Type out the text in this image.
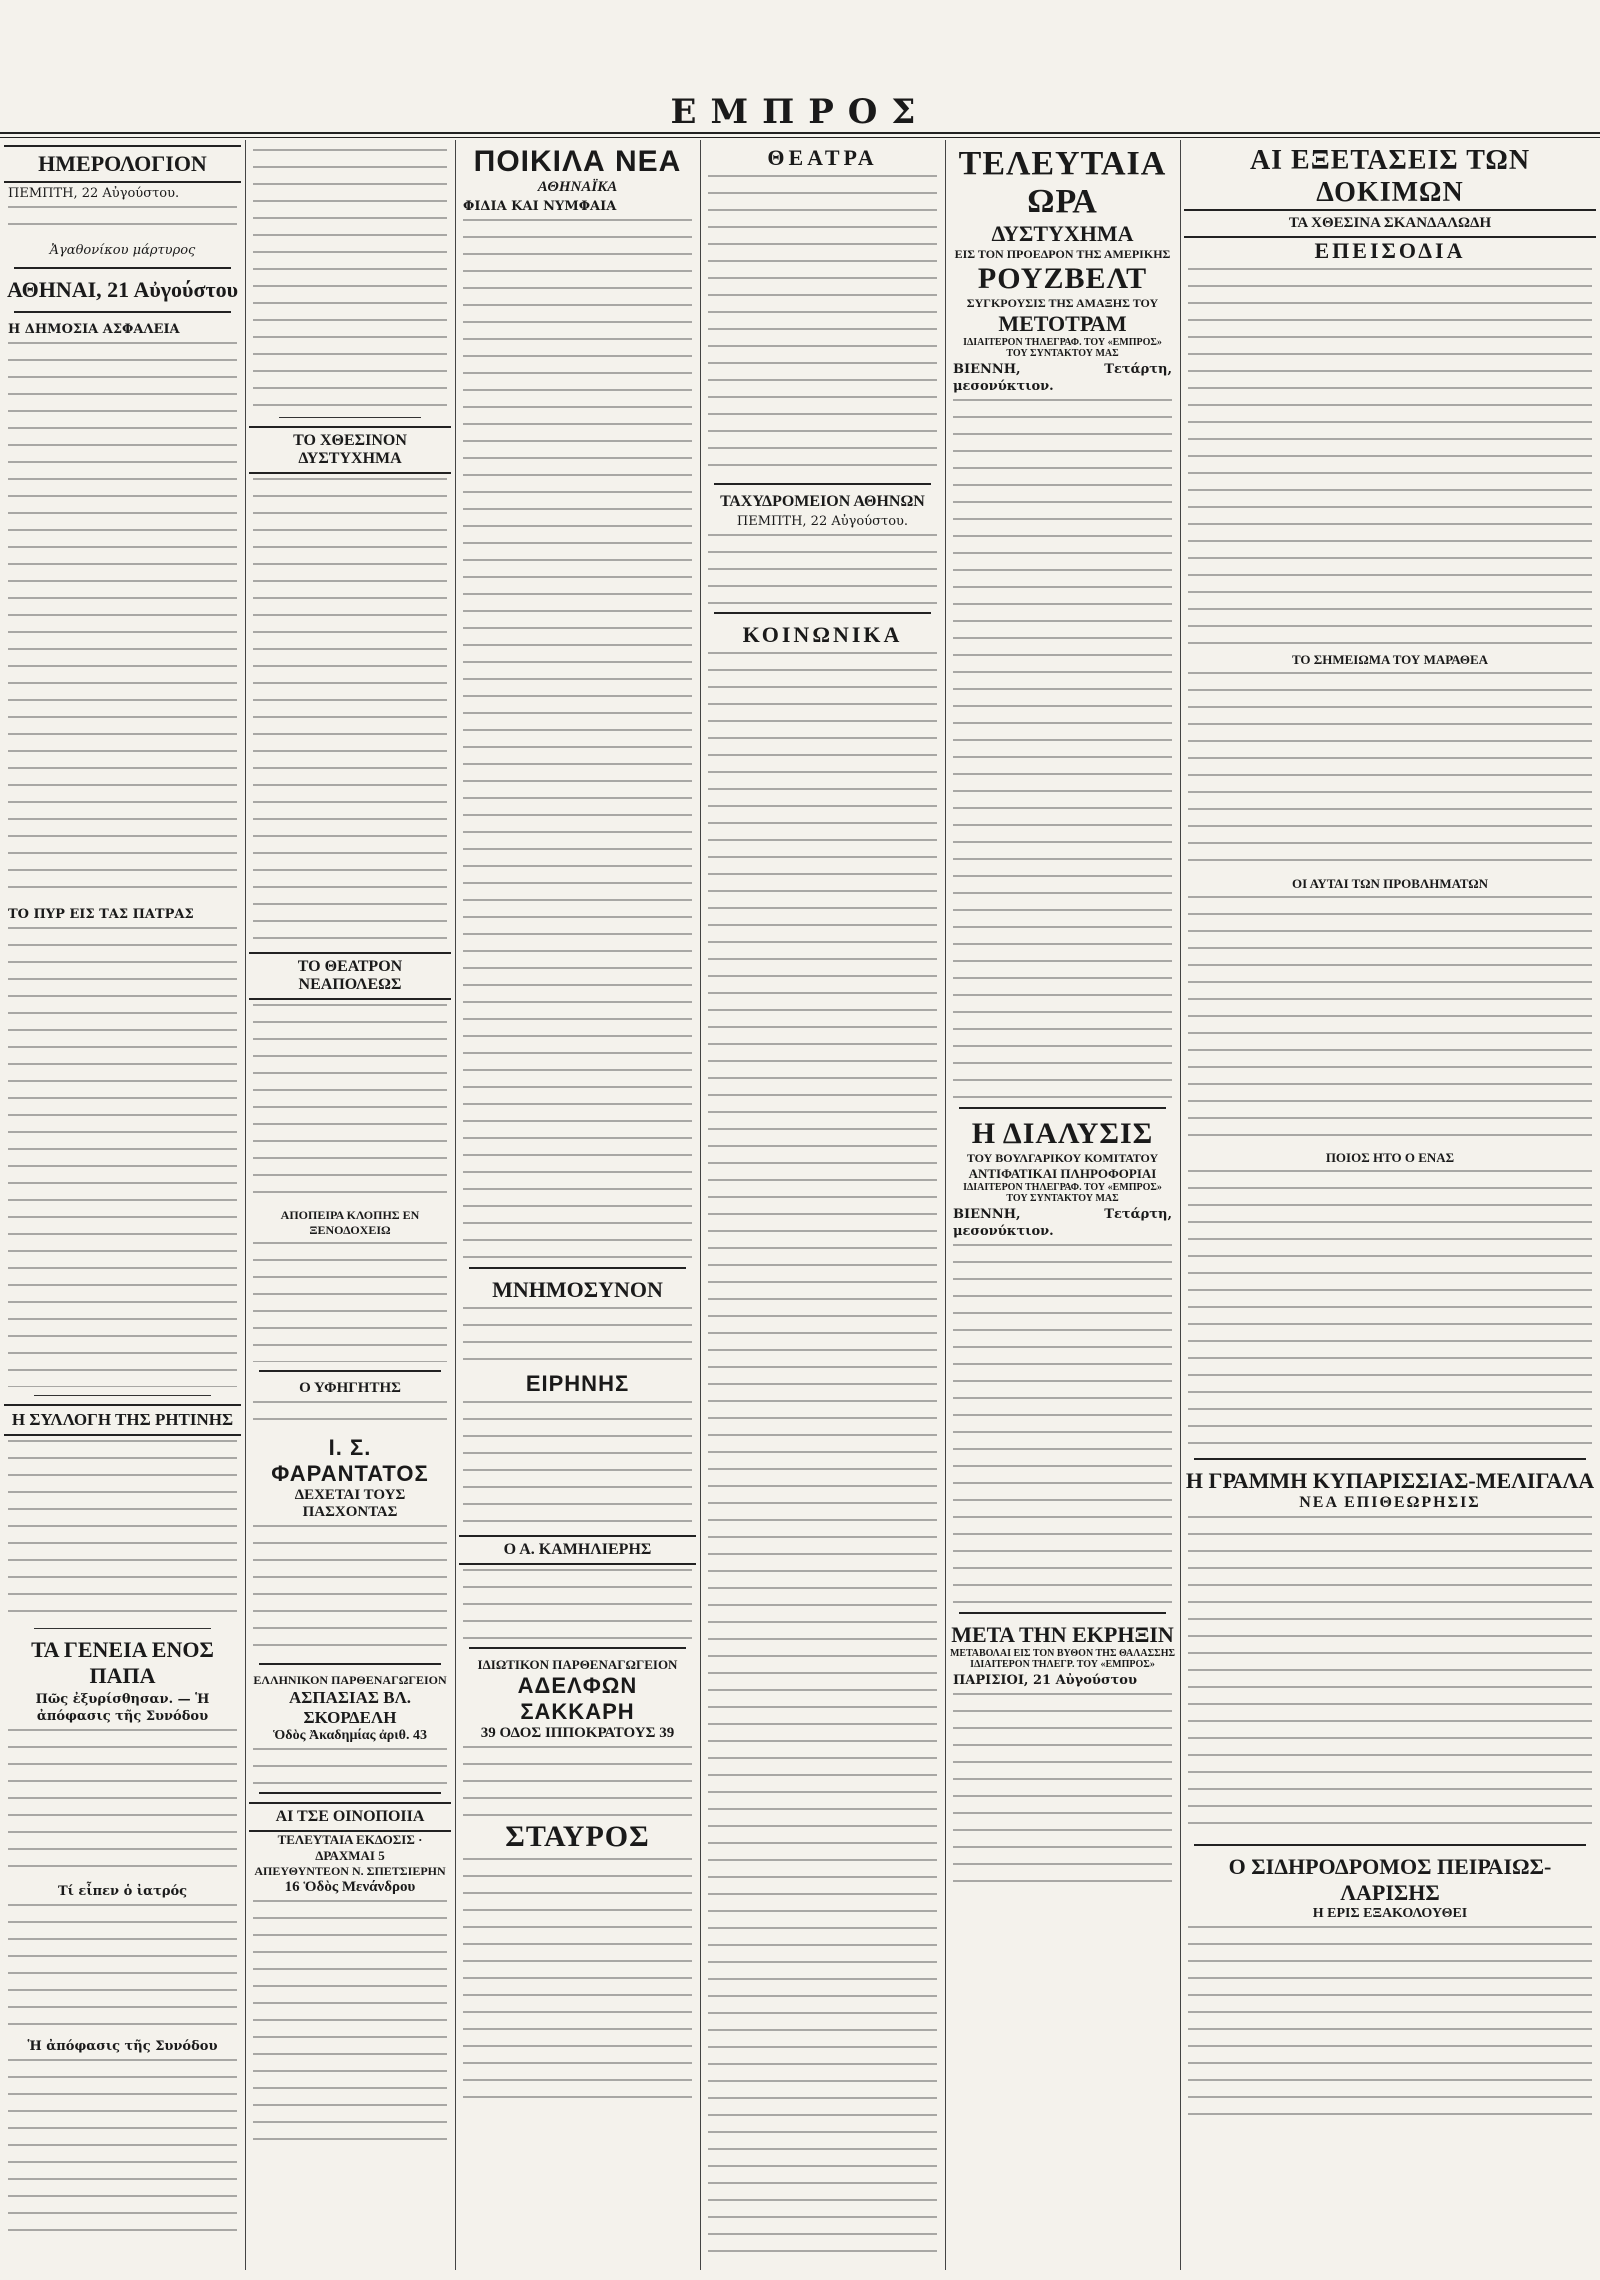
ΕΜΠΡΟΣ
ΗΜΕΡΟΛΟΓΙΟΝ
ΠΕΜΠΤΗ, 22 Αὐγούστου.
Ἀγαθονίκου μάρτυρος
ΑΘΗΝΑΙ, 21 Αὐγούστου
Η ΔΗΜΟΣΙΑ ΑΣΦΑΛΕΙΑ
ΤΟ ΠΥΡ ΕΙΣ ΤΑΣ ΠΑΤΡΑΣ
Η ΣΥΛΛΟΓΗ ΤΗΣ ΡΗΤΙΝΗΣ
ΤΑ ΓΕΝΕΙΑ ΕΝΟΣ ΠΑΠΑ
Πῶς ἐξυρίσθησαν. — Ἡ ἀπόφασις τῆς Συνόδου
Τί εἶπεν ὁ ἰατρός
Ἡ ἀπόφασις τῆς Συνόδου
ΤΟ ΧΘΕΣΙΝΟΝ ΔΥΣΤΥΧΗΜΑ
ΤΟ ΘΕΑΤΡΟΝ ΝΕΑΠΟΛΕΩΣ
ΑΠΟΠΕΙΡΑ ΚΛΟΠΗΣ ΕΝ ΞΕΝΟΔΟΧΕΙΩ
Ο ΥΦΗΓΗΤΗΣ
Ι. Σ. ΦΑΡΑΝΤΑΤΟΣ
ΔΕΧΕΤΑΙ ΤΟΥΣ ΠΑΣΧΟΝΤΑΣ
ΕΛΛΗΝΙΚΟΝ ΠΑΡΘΕΝΑΓΩΓΕΙΟΝ
ΑΣΠΑΣΙΑΣ ΒΛ. ΣΚΟΡΔΕΛΗ
Ὁδὸς Ἀκαδημίας ἀριθ. 43
ΑΙ ΤΣΕ ΟΙΝΟΠΟΙΙΑ
ΤΕΛΕΥΤΑΙΑ ΕΚΔΟΣΙΣ · ΔΡΑΧΜΑΙ 5
ΑΠΕΥΘΥΝΤΕΟΝ Ν. ΣΠΕΤΣΙΕΡΗΝ
16 Ὁδὸς Μενάνδρου
ΠΟΙΚΙΛΑ ΝΕΑ
ΑΘΗΝΑΪΚΑ
ΦΙΔΙΑ ΚΑΙ ΝΥΜΦΑΙΑ
ΜΝΗΜΟΣΥΝΟΝ
ΕΙΡΗΝΗΣ
Ο Α. ΚΑΜΗΛΙΕΡΗΣ
ΙΔΙΩΤΙΚΟΝ ΠΑΡΘΕΝΑΓΩΓΕΙΟΝ
ΑΔΕΛΦΩΝ ΣΑΚΚΑΡΗ
39 ΟΔΟΣ ΙΠΠΟΚΡΑΤΟΥΣ 39
ΣΤΑΥΡΟΣ
ΘΕΑΤΡΑ
ΤΑΧΥΔΡΟΜΕΙΟΝ ΑΘΗΝΩΝ
ΠΕΜΠΤΗ, 22 Αὐγούστου.
ΚΟΙΝΩΝΙΚΑ
ΤΕΛΕΥΤΑΙΑ ΩΡΑ
ΔΥΣΤΥΧΗΜΑ
ΕΙΣ ΤΟΝ ΠΡΟΕΔΡΟΝ ΤΗΣ ΑΜΕΡΙΚΗΣ
ΡΟΥΖΒΕΛΤ
ΣΥΓΚΡΟΥΣΙΣ ΤΗΣ ΑΜΑΞΗΣ ΤΟΥ
ΜΕΤΟΤΡΑΜ
ΙΔΙΑΙΤΕΡΟΝ ΤΗΛΕΓΡΑΦ. ΤΟΥ «ΕΜΠΡΟΣ»
ΤΟΥ ΣΥΝΤΑΚΤΟΥ ΜΑΣ
ΒΙΕΝΝΗ, Τετάρτη, μεσονύκτιον.
Η ΔΙΑΛΥΣΙΣ
ΤΟΥ ΒΟΥΛΓΑΡΙΚΟΥ ΚΟΜΙΤΑΤΟΥ
ΑΝΤΙΦΑΤΙΚΑΙ ΠΛΗΡΟΦΟΡΙΑΙ
ΙΔΙΑΙΤΕΡΟΝ ΤΗΛΕΓΡΑΦ. ΤΟΥ «ΕΜΠΡΟΣ»
ΤΟΥ ΣΥΝΤΑΚΤΟΥ ΜΑΣ
ΒΙΕΝΝΗ, Τετάρτη, μεσονύκτιον.
ΜΕΤΑ ΤΗΝ ΕΚΡΗΞΙΝ
ΜΕΤΑΒΟΛΑΙ ΕΙΣ ΤΟΝ ΒΥΘΟΝ ΤΗΣ ΘΑΛΑΣΣΗΣ
ΙΔΙΑΙΤΕΡΟΝ ΤΗΛΕΓΡ. ΤΟΥ «ΕΜΠΡΟΣ»
ΠΑΡΙΣΙΟΙ, 21 Αὐγούστου
ΑΙ ΕΞΕΤΑΣΕΙΣ ΤΩΝ ΔΟΚΙΜΩΝ
ΤΑ ΧΘΕΣΙΝΑ ΣΚΑΝΔΑΛΩΔΗ
ΕΠΕΙΣΟΔΙΑ
ΤΟ ΣΗΜΕΙΩΜΑ ΤΟΥ ΜΑΡΑΘΕΑ
ΟΙ ΑΥΤΑΙ ΤΩΝ ΠΡΟΒΛΗΜΑΤΩΝ
ΠΟΙΟΣ ΗΤΟ Ο ΕΝΑΣ
Η ΓΡΑΜΜΗ ΚΥΠΑΡΙΣΣΙΑΣ-ΜΕΛΙΓΑΛΑ
ΝΕΑ ΕΠΙΘΕΩΡΗΣΙΣ
Ο ΣΙΔΗΡΟΔΡΟΜΟΣ ΠΕΙΡΑΙΩΣ-ΛΑΡΙΣΗΣ
Η ΕΡΙΣ ΕΞΑΚΟΛΟΥΘΕΙ
